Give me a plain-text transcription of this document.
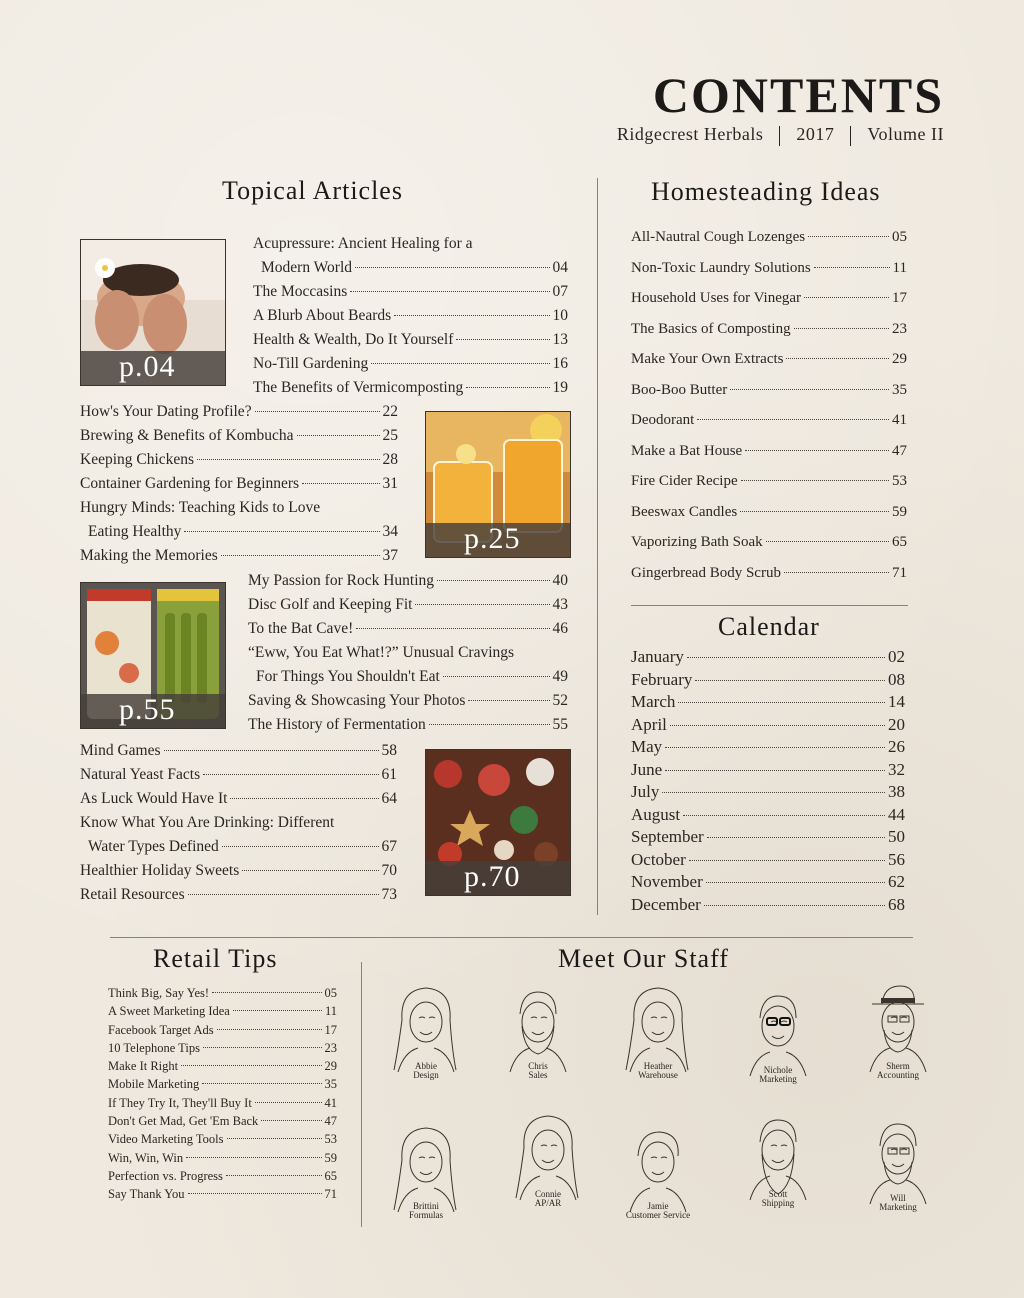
CONTENTS
Ridgecrest Herbals 2017 Volume II
Topical Articles
p.04
p.25
p.55
p.70
Acupressure: Ancient Healing for a
Modern World	04
The Moccasins	07
A Blurb About Beards	10
Health & Wealth, Do It Yourself	13
No-Till Gardening	16
The Benefits of Vermicomposting	19
How's Your Dating Profile?	22
Brewing & Benefits of Kombucha	25
Keeping Chickens	28
Container Gardening for Beginners	31
Hungry Minds: Teaching Kids to Love
Eating Healthy	34
Making the Memories	37
My Passion for Rock Hunting	40
Disc Golf and Keeping Fit	43
To the Bat Cave!	46
“Eww, You Eat What!?” Unusual Cravings
For Things You Shouldn't Eat	49
Saving & Showcasing Your Photos	52
The History of Fermentation	55
Mind Games	58
Natural Yeast Facts	61
As Luck Would Have It	64
Know What You Are Drinking: Different
Water Types Defined	67
Healthier Holiday Sweets	70
Retail Resources	73
Homesteading Ideas
All-Nautral Cough Lozenges	05
Non-Toxic Laundry Solutions	11
Household Uses for Vinegar	17
The Basics of Composting	23
Make Your Own Extracts	29
Boo-Boo Butter	35
Deodorant	41
Make a Bat House	47
Fire Cider Recipe	53
Beeswax Candles	59
Vaporizing Bath Soak	65
Gingerbread Body Scrub	71
Calendar
January	02
February	08
March	14
April	20
May	26
June	32
July	38
August	44
September	50
October	56
November	62
December	68
Retail Tips
Think Big, Say Yes!	05
A Sweet Marketing Idea	11
Facebook Target Ads	17
10 Telephone Tips	23
Make It Right	29
Mobile Marketing	35
If They Try It, They'll Buy It	41
Don't Get Mad, Get 'Em Back	47
Video Marketing Tools	53
Win, Win, Win	59
Perfection vs. Progress	65
Say Thank You	71
Meet Our Staff
Abbie
Design
Chris
Sales
Heather
Warehouse	Nichole
Marketing
Sherm
Accounting
Brittini
Formulas
Connie
AP/AR	Jamie
Customer Service
Scott
Shipping	Will
Marketing
